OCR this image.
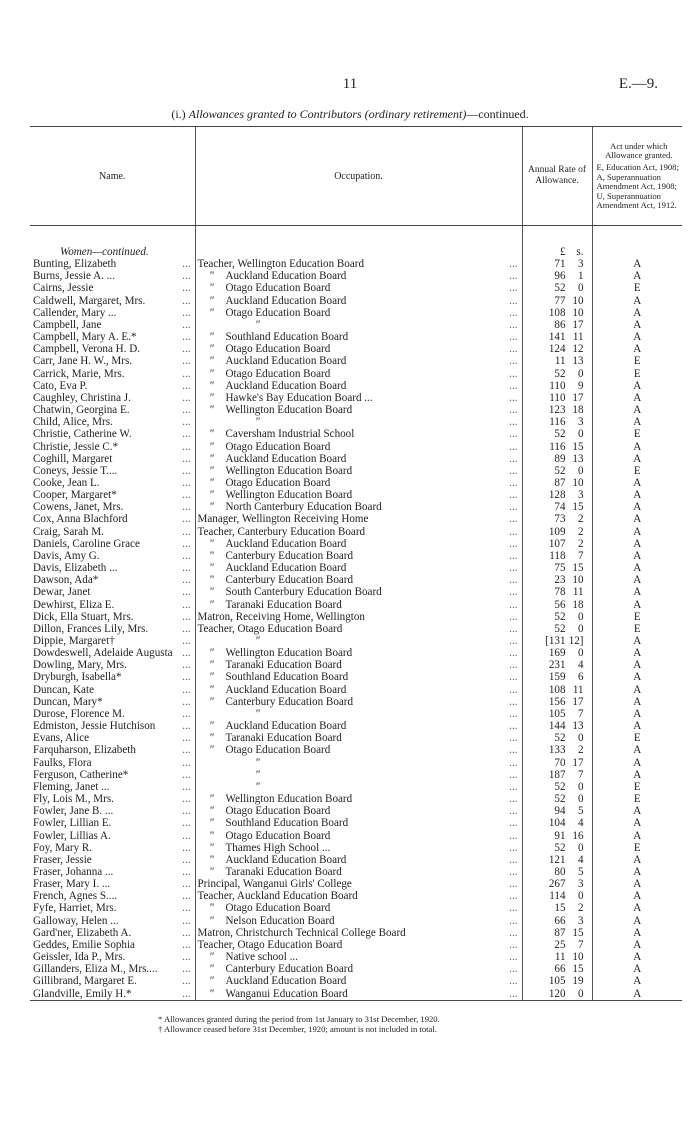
11	E.—9.
(i.) Allowances granted to Contributors (ordinary retirement)—continued.
Name.	Occupation.	Annual Rate of Allowance.	Act under which Allowance granted.
E, Education Act, 1908; A, Superannuation Amendment Act, 1908; U, Superannuation Amendment Act, 1912.

Women—continued.		£ s.	
Bunting, Elizabeth ...	Teacher, Wellington Education Board ...	71 3	A
Burns, Jessie A. ... ...	" Auckland Education Board ...	96 1	A
Cairns, Jessie ...	" Otago Education Board ...	52 0	E
Caldwell, Margaret, Mrs. ...	" Auckland Education Board ...	77 10	A
Callender, Mary ... ...	" Otago Education Board ...	108 10	A
Campbell, Jane ...	" ...	86 17	A
Campbell, Mary A. E.* ...	" Southland Education Board ...	141 11	A
Campbell, Verona H. D. ...	" Otago Education Board ...	124 12	A
Carr, Jane H. W., Mrs. ...	" Auckland Education Board ...	11 13	E
Carrick, Marie, Mrs. ...	" Otago Education Board ...	52 0	E
Cato, Eva P. ...	" Auckland Education Board ...	110 9	A
Caughley, Christina J. ...	" Hawke's Bay Education Board ... ...	110 17	A
Chatwin, Georgina E. ...	" Wellington Education Board ...	123 18	A
Child, Alice, Mrs. ...	" ...	116 3	A
Christie, Catherine W. ...	" Caversham Industrial School ...	52 0	E
Christie, Jessie C.* ...	" Otago Education Board ...	116 15	A
Coghill, Margaret ...	" Auckland Education Board ...	89 13	A
Coneys, Jessie T.... ...	" Wellington Education Board ...	52 0	E
Cooke, Jean L. ...	" Otago Education Board ...	87 10	A
Cooper, Margaret* ...	" Wellington Education Board ...	128 3	A
Cowens, Janet, Mrs. ...	" North Canterbury Education Board ...	74 15	A
Cox, Anna Blachford ...	Manager, Wellington Receiving Home ...	73 2	A
Craig, Sarah M. ...	Teacher, Canterbury Education Board ...	109 2	A
Daniels, Caroline Grace ...	" Auckland Education Board ...	107 2	A
Davis, Amy G. ...	" Canterbury Education Board ...	118 7	A
Davis, Elizabeth ... ...	" Auckland Education Board ...	75 15	A
Dawson, Ada* ...	" Canterbury Education Board ...	23 10	A
Dewar, Janet ...	" South Canterbury Education Board ...	78 11	A
Dewhirst, Eliza E. ...	" Taranaki Education Board ...	56 18	A
Dick, Ella Stuart, Mrs. ...	Matron, Receiving Home, Wellington ...	52 0	E
Dillon, Frances Lily, Mrs. ...	Teacher, Otago Education Board ...	52 0	E
Dippie, Margaret† ...	" ...	[131 12]	A
Dowdeswell, Adelaide Augusta ...	" Wellington Education Board ...	169 0	A
Dowling, Mary, Mrs. ...	" Taranaki Education Board ...	231 4	A
Dryburgh, Isabella* ...	" Southland Education Board ...	159 6	A
Duncan, Kate ...	" Auckland Education Board ...	108 11	A
Duncan, Mary* ...	" Canterbury Education Board ...	156 17	A
Durose, Florence M. ...	" ...	105 7	A
Edmiston, Jessie Hutchison ...	" Auckland Education Board ...	144 13	A
Evans, Alice ...	" Taranaki Education Board ...	52 0	E
Farquharson, Elizabeth ...	" Otago Education Board ...	133 2	A
Faulks, Flora ...	" ...	70 17	A
Ferguson, Catherine* ...	" ...	187 7	A
Fleming, Janet ... ...	" ...	52 0	E
Fly, Lois M., Mrs. ...	" Wellington Education Board ...	52 0	E
Fowler, Jane B. ... ...	" Otago Education Board ...	94 5	A
Fowler, Lillian E. ...	" Southland Education Board ...	104 4	A
Fowler, Lillias A. ...	" Otago Education Board ...	91 16	A
Foy, Mary R. ...	" Thames High School ... ...	52 0	E
Fraser, Jessie ...	" Auckland Education Board ...	121 4	A
Fraser, Johanna ... ...	" Taranaki Education Board ...	80 5	A
Fraser, Mary I. ... ...	Principal, Wanganui Girls' College ...	267 3	A
French, Agnes S.... ...	Teacher, Auckland Education Board ...	114 0	A
Fyfe, Harriet, Mrs. ...	" Otago Education Board ...	15 2	A
Galloway, Helen ... ...	" Nelson Education Board ...	66 3	A
Gard'ner, Elizabeth A. ...	Matron, Christchurch Technical College Board ...	87 15	A
Geddes, Emilie Sophia ...	Teacher, Otago Education Board ...	25 7	A
Geissler, Ida P., Mrs. ...	" Native school ... ...	11 10	A
Gillanders, Eliza M., Mrs.... ...	" Canterbury Education Board ...	66 15	A
Gillibrand, Margaret E. ...	" Auckland Education Board ...	105 19	A
Glandville, Emily H.* ...	" Wanganui Education Board ...	120 0	A
* Allowances granted during the period from 1st January to 31st December, 1920.
† Allowance ceased before 31st December, 1920; amount is not included in total.
